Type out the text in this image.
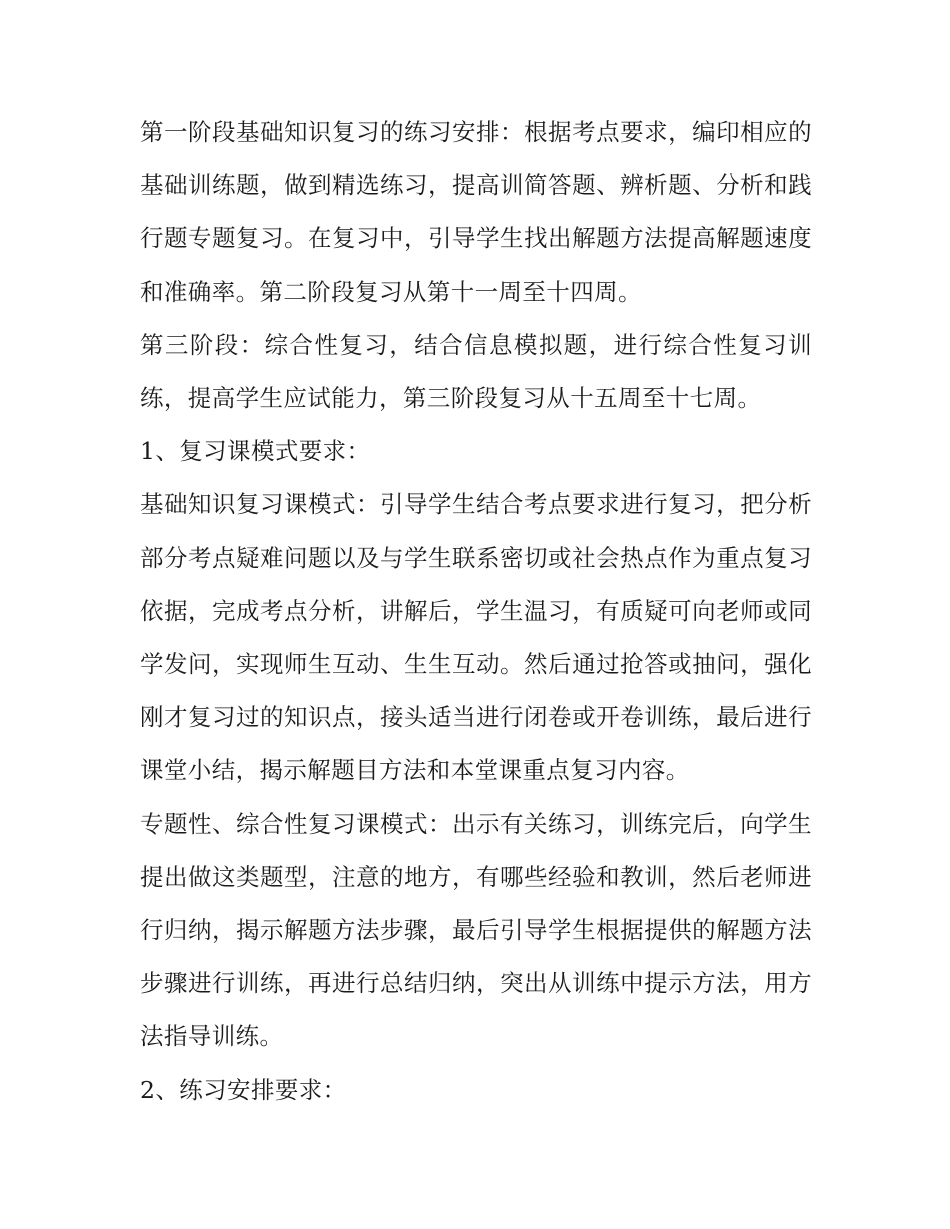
第一阶段基础知识复习的练习安排：根据考点要求，编印相应的基础训练题，做到精选练习，提高训简答题、辨析题、分析和践行题专题复习。在复习中，引导学生找出解题方法提高解题速度和准确率。第二阶段复习从第十一周至十四周。

第三阶段：综合性复习，结合信息模拟题，进行综合性复习训练，提高学生应试能力，第三阶段复习从十五周至十七周。

1、复习课模式要求：

基础知识复习课模式：引导学生结合考点要求进行复习，把分析部分考点疑难问题以及与学生联系密切或社会热点作为重点复习依据，完成考点分析，讲解后，学生温习，有质疑可向老师或同学发问，实现师生互动、生生互动。然后通过抢答或抽问，强化刚才复习过的知识点，接头适当进行闭卷或开卷训练，最后进行课堂小结，揭示解题目方法和本堂课重点复习内容。

专题性、综合性复习课模式：出示有关练习，训练完后，向学生提出做这类题型，注意的地方，有哪些经验和教训，然后老师进行归纳，揭示解题方法步骤，最后引导学生根据提供的解题方法步骤进行训练，再进行总结归纳，突出从训练中提示方法，用方法指导训练。

2、练习安排要求：
